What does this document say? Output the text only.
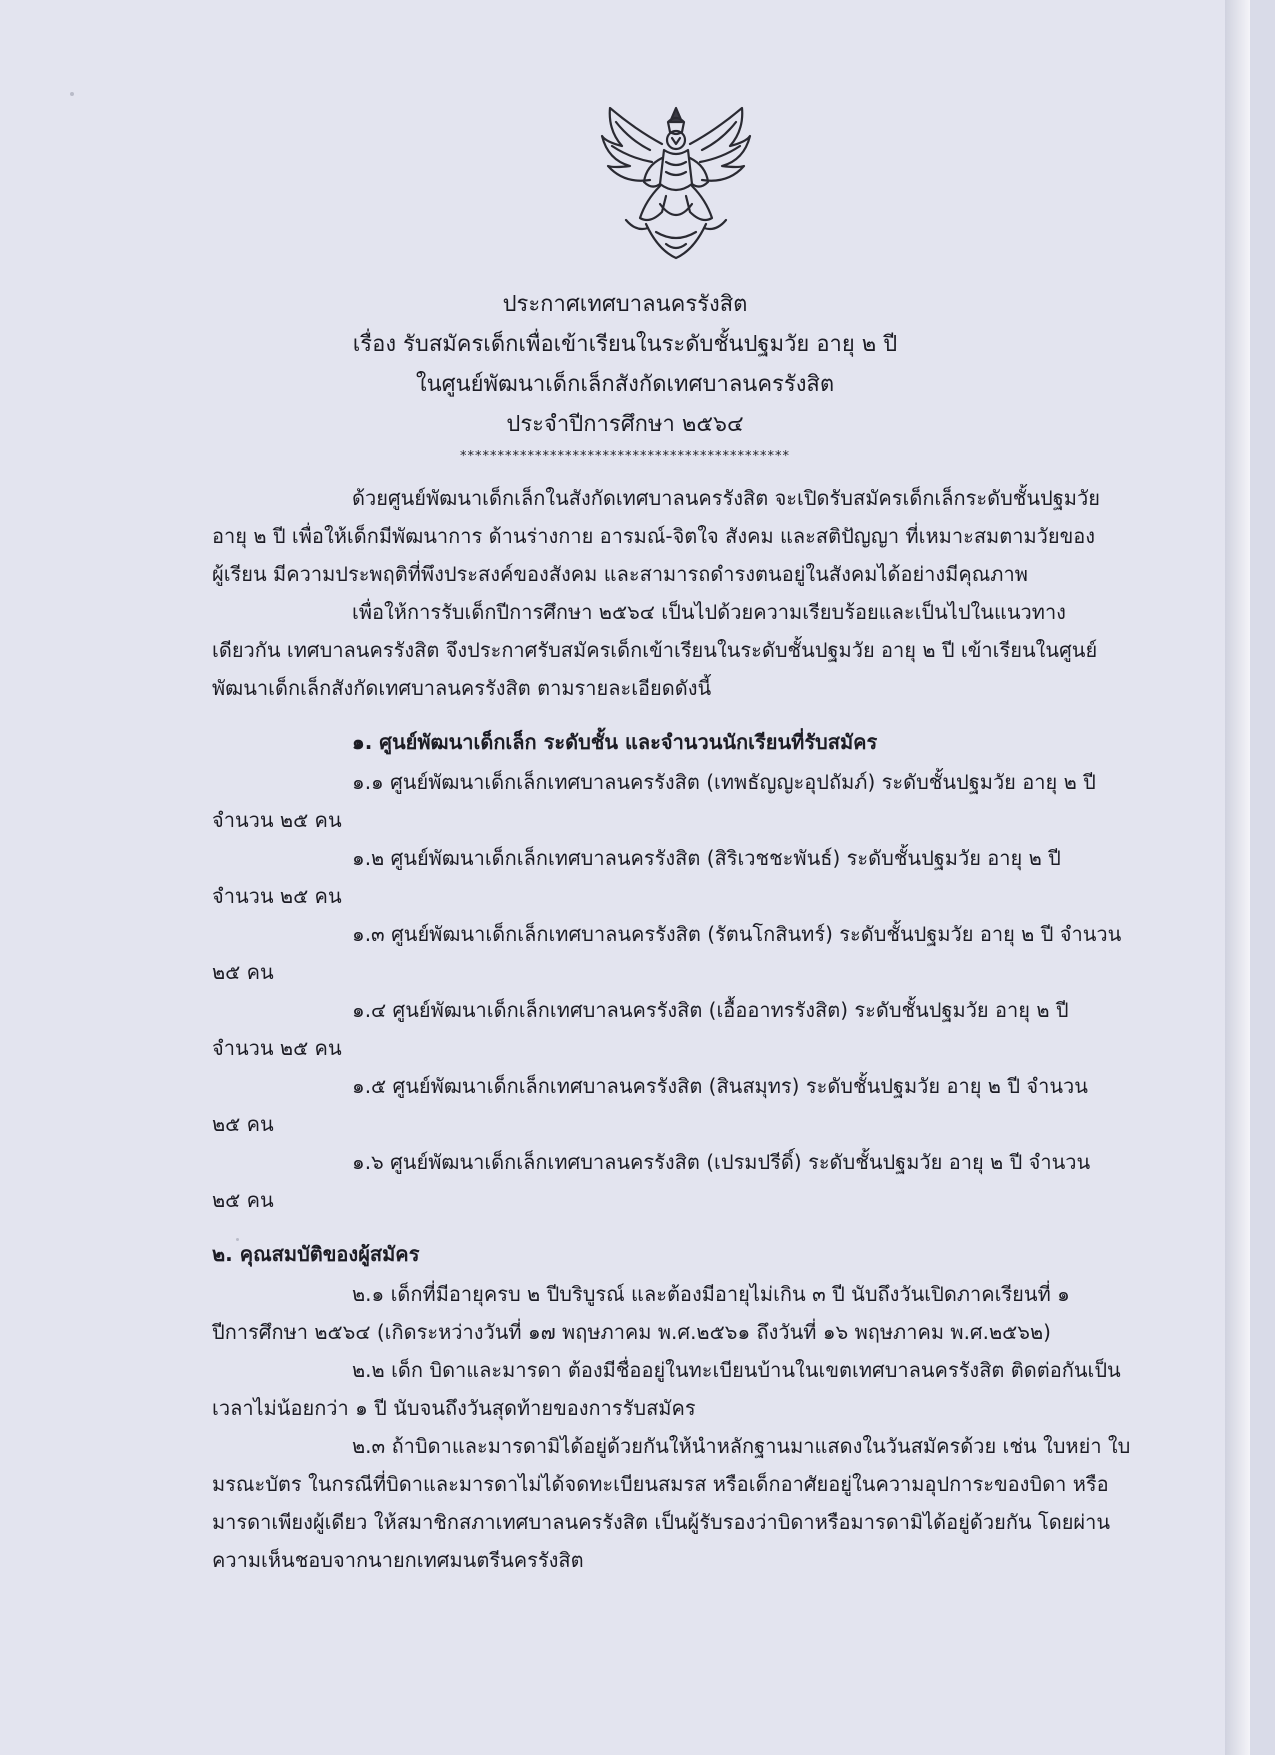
ประกาศเทศบาลนครรังสิต
เรื่อง รับสมัครเด็กเพื่อเข้าเรียนในระดับชั้นปฐมวัย อายุ ๒ ปี
ในศูนย์พัฒนาเด็กเล็กสังกัดเทศบาลนครรังสิต
ประจำปีการศึกษา ๒๕๖๔
********************************************
ด้วยศูนย์พัฒนาเด็กเล็กในสังกัดเทศบาลนครรังสิต จะเปิดรับสมัครเด็กเล็กระดับชั้นปฐมวัย
อายุ ๒ ปี เพื่อให้เด็กมีพัฒนาการ ด้านร่างกาย อารมณ์-จิตใจ สังคม และสติปัญญา ที่เหมาะสมตามวัยของ
ผู้เรียน มีความประพฤติที่พึงประสงค์ของสังคม และสามารถดำรงตนอยู่ในสังคมได้อย่างมีคุณภาพ
เพื่อให้การรับเด็กปีการศึกษา ๒๕๖๔ เป็นไปด้วยความเรียบร้อยและเป็นไปในแนวทาง
เดียวกัน เทศบาลนครรังสิต จึงประกาศรับสมัครเด็กเข้าเรียนในระดับชั้นปฐมวัย อายุ ๒ ปี เข้าเรียนในศูนย์
พัฒนาเด็กเล็กสังกัดเทศบาลนครรังสิต ตามรายละเอียดดังนี้
๑. ศูนย์พัฒนาเด็กเล็ก ระดับชั้น และจำนวนนักเรียนที่รับสมัคร
๑.๑ ศูนย์พัฒนาเด็กเล็กเทศบาลนครรังสิต (เทพธัญญะอุปถัมภ์) ระดับชั้นปฐมวัย อายุ ๒ ปี
จำนวน ๒๕ คน
๑.๒ ศูนย์พัฒนาเด็กเล็กเทศบาลนครรังสิต (สิริเวชชะพันธ์) ระดับชั้นปฐมวัย อายุ ๒ ปี
จำนวน ๒๕ คน
๑.๓ ศูนย์พัฒนาเด็กเล็กเทศบาลนครรังสิต (รัตนโกสินทร์) ระดับชั้นปฐมวัย อายุ ๒ ปี จำนวน
๒๕ คน
๑.๔ ศูนย์พัฒนาเด็กเล็กเทศบาลนครรังสิต (เอื้ออาทรรังสิต) ระดับชั้นปฐมวัย อายุ ๒ ปี
จำนวน ๒๕ คน
๑.๕ ศูนย์พัฒนาเด็กเล็กเทศบาลนครรังสิต (สินสมุทร) ระดับชั้นปฐมวัย อายุ ๒ ปี จำนวน
๒๕ คน
๑.๖ ศูนย์พัฒนาเด็กเล็กเทศบาลนครรังสิต (เปรมปรีดิ์) ระดับชั้นปฐมวัย อายุ ๒ ปี จำนวน
๒๕ คน
๒. คุณสมบัติของผู้สมัคร
๒.๑ เด็กที่มีอายุครบ ๒ ปีบริบูรณ์ และต้องมีอายุไม่เกิน ๓ ปี นับถึงวันเปิดภาคเรียนที่ ๑
ปีการศึกษา ๒๕๖๔ (เกิดระหว่างวันที่ ๑๗ พฤษภาคม พ.ศ.๒๕๖๑ ถึงวันที่ ๑๖ พฤษภาคม พ.ศ.๒๕๖๒)
๒.๒ เด็ก บิดาและมารดา ต้องมีชื่ออยู่ในทะเบียนบ้านในเขตเทศบาลนครรังสิต ติดต่อกันเป็น
เวลาไม่น้อยกว่า ๑ ปี นับจนถึงวันสุดท้ายของการรับสมัคร
๒.๓ ถ้าบิดาและมารดามิได้อยู่ด้วยกันให้นำหลักฐานมาแสดงในวันสมัครด้วย เช่น ใบหย่า ใบ
มรณะบัตร ในกรณีที่บิดาและมารดาไม่ได้จดทะเบียนสมรส หรือเด็กอาศัยอยู่ในความอุปการะของบิดา หรือ
มารดาเพียงผู้เดียว ให้สมาชิกสภาเทศบาลนครรังสิต เป็นผู้รับรองว่าบิดาหรือมารดามิได้อยู่ด้วยกัน โดยผ่าน
ความเห็นชอบจากนายกเทศมนตรีนครรังสิต
